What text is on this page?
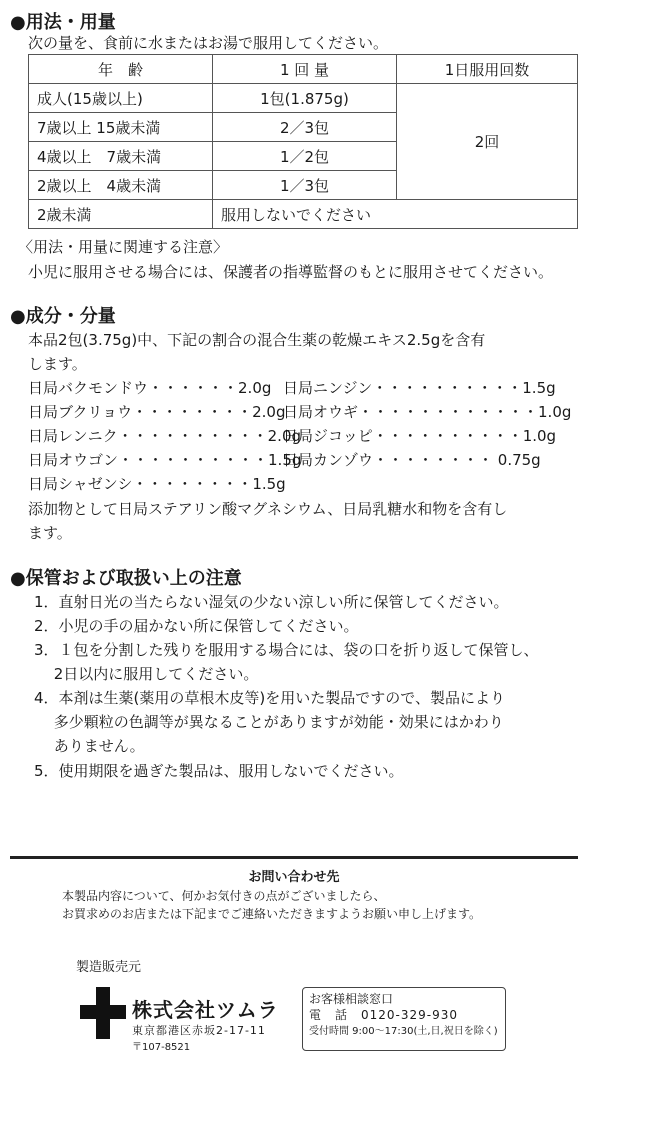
●用法・用量
次の量を、食前に水またはお湯で服用してください。
年　齢	1 回 量	1日服用回数
成人(15歳以上)	1包(1.875g)	2回
7歳以上 15歳未満	2／3包	
4歳以上　7歳未満	1／2包	
2歳以上　4歳未満	1／3包	
2歳未満	服用しないでください	
〈用法・用量に関連する注意〉
小児に服用させる場合には、保護者の指導監督のもとに服用させてください。
●成分・分量
本品2包(3.75g)中、下記の割合の混合生薬の乾燥エキス2.5gを含有
します。
日局バクモンドウ・・・・・・2.0g
日局ブクリョウ・・・・・・・・2.0g
日局レンニク・・・・・・・・・・2.0g
日局オウゴン・・・・・・・・・・1.5g
日局シャゼンシ・・・・・・・・1.5g
日局ニンジン・・・・・・・・・・1.5g
日局オウギ・・・・・・・・・・・・1.0g
日局ジコッピ・・・・・・・・・・1.0g
日局カンゾウ・・・・・・・・ 0.75g
添加物として日局ステアリン酸マグネシウム、日局乳糖水和物を含有し
ます。
●保管および取扱い上の注意
1．直射日光の当たらない湿気の少ない涼しい所に保管してください。
2．小児の手の届かない所に保管してください。
3．１包を分割した残りを服用する場合には、袋の口を折り返して保管し、
　 2日以内に服用してください。
4．本剤は生薬(薬用の草根木皮等)を用いた製品ですので、製品により
　 多少顆粒の色調等が異なることがありますが効能・効果にはかわり
　 ありません。
5．使用期限を過ぎた製品は、服用しないでください。
お問い合わせ先
本製品内容について、何かお気付きの点がございましたら、
お買求めのお店または下記までご連絡いただきますようお願い申し上げます。
製造販売元
株式会社ツムラ
東京都港区赤坂2-17-11
〒107-8521
お客様相談窓口
電　話　0120-329-930
受付時間 9:00～17:30(土,日,祝日を除く)
